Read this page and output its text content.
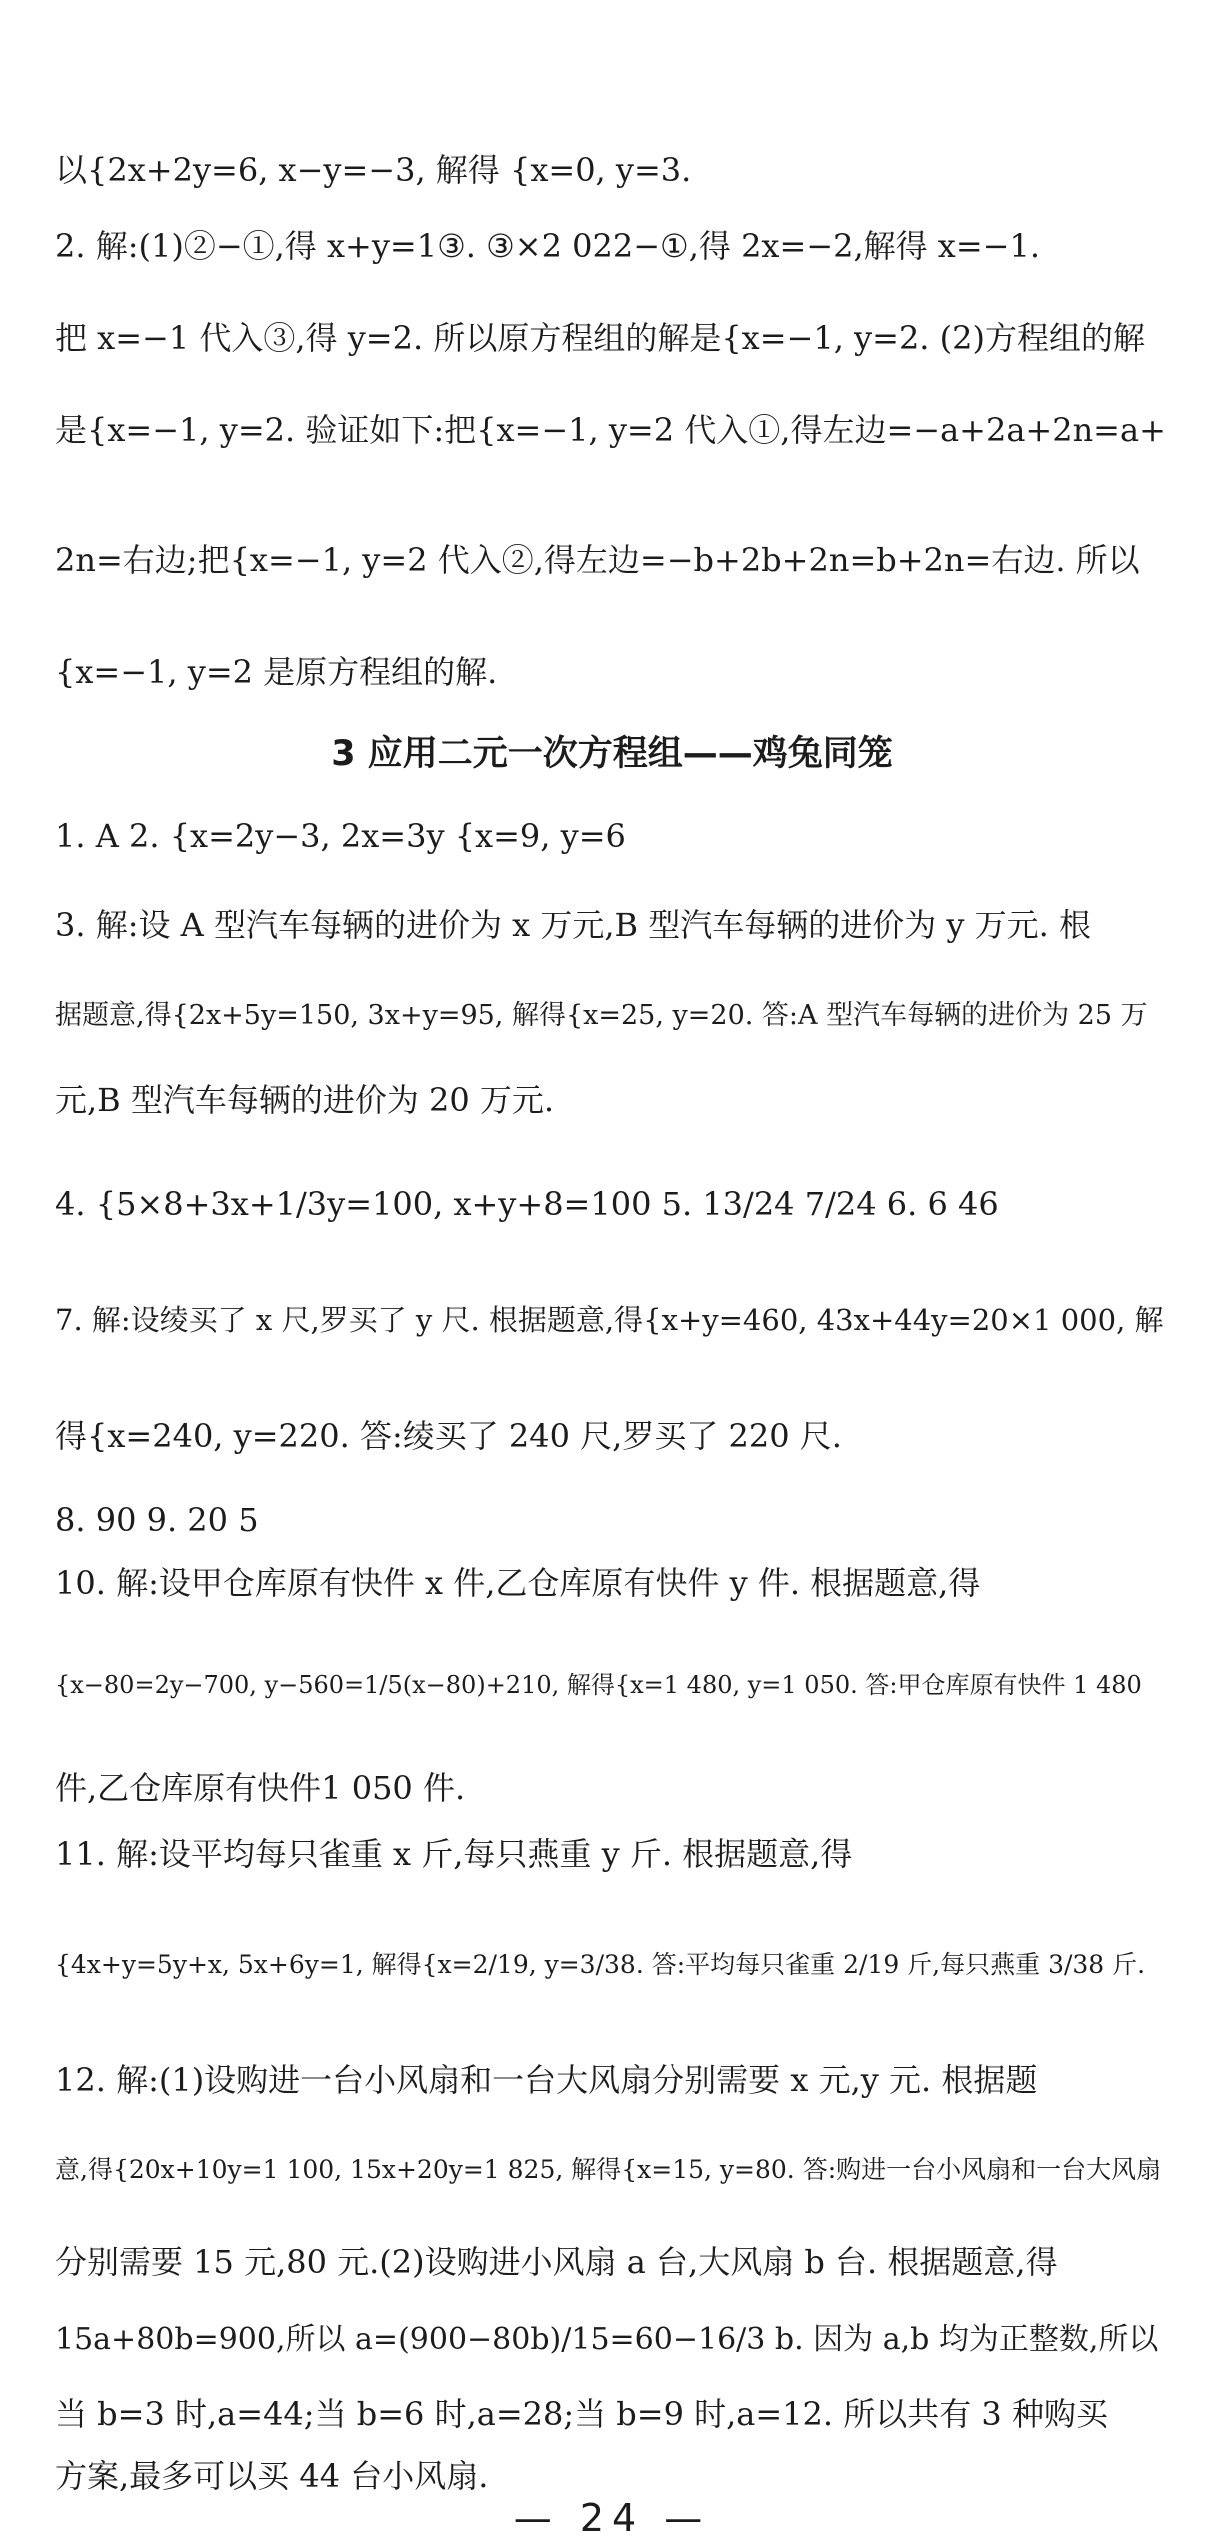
以{2x+2y=6, x−y=−3, 解得 {x=0, y=3.
2. 解:(1)②−①,得 x+y=1③. ③×2 022−①,得 2x=−2,解得 x=−1.
把 x=−1 代入③,得 y=2. 所以原方程组的解是{x=−1, y=2. (2)方程组的解
是{x=−1, y=2. 验证如下:把{x=−1, y=2 代入①,得左边=−a+2a+2n=a+
2n=右边;把{x=−1, y=2 代入②,得左边=−b+2b+2n=b+2n=右边. 所以
{x=−1, y=2 是原方程组的解.
3 应用二元一次方程组——鸡兔同笼
1. A 2. {x=2y−3, 2x=3y {x=9, y=6
3. 解:设 A 型汽车每辆的进价为 x 万元,B 型汽车每辆的进价为 y 万元. 根
据题意,得{2x+5y=150, 3x+y=95, 解得{x=25, y=20. 答:A 型汽车每辆的进价为 25 万
元,B 型汽车每辆的进价为 20 万元.
4. {5×8+3x+1/3y=100, x+y+8=100 5. 13/24 7/24 6. 6 46
7. 解:设绫买了 x 尺,罗买了 y 尺. 根据题意,得{x+y=460, 43x+44y=20×1 000, 解
得{x=240, y=220. 答:绫买了 240 尺,罗买了 220 尺.
8. 90 9. 20 5
10. 解:设甲仓库原有快件 x 件,乙仓库原有快件 y 件. 根据题意,得
{x−80=2y−700, y−560=1/5(x−80)+210, 解得{x=1 480, y=1 050. 答:甲仓库原有快件 1 480
件,乙仓库原有快件1 050 件.
11. 解:设平均每只雀重 x 斤,每只燕重 y 斤. 根据题意,得
{4x+y=5y+x, 5x+6y=1, 解得{x=2/19, y=3/38. 答:平均每只雀重 2/19 斤,每只燕重 3/38 斤.
12. 解:(1)设购进一台小风扇和一台大风扇分别需要 x 元,y 元. 根据题
意,得{20x+10y=1 100, 15x+20y=1 825, 解得{x=15, y=80. 答:购进一台小风扇和一台大风扇
分别需要 15 元,80 元.(2)设购进小风扇 a 台,大风扇 b 台. 根据题意,得
15a+80b=900,所以 a=(900−80b)/15=60−16/3 b. 因为 a,b 均为正整数,所以
当 b=3 时,a=44;当 b=6 时,a=28;当 b=9 时,a=12. 所以共有 3 种购买
方案,最多可以买 44 台小风扇.
— 24 —
